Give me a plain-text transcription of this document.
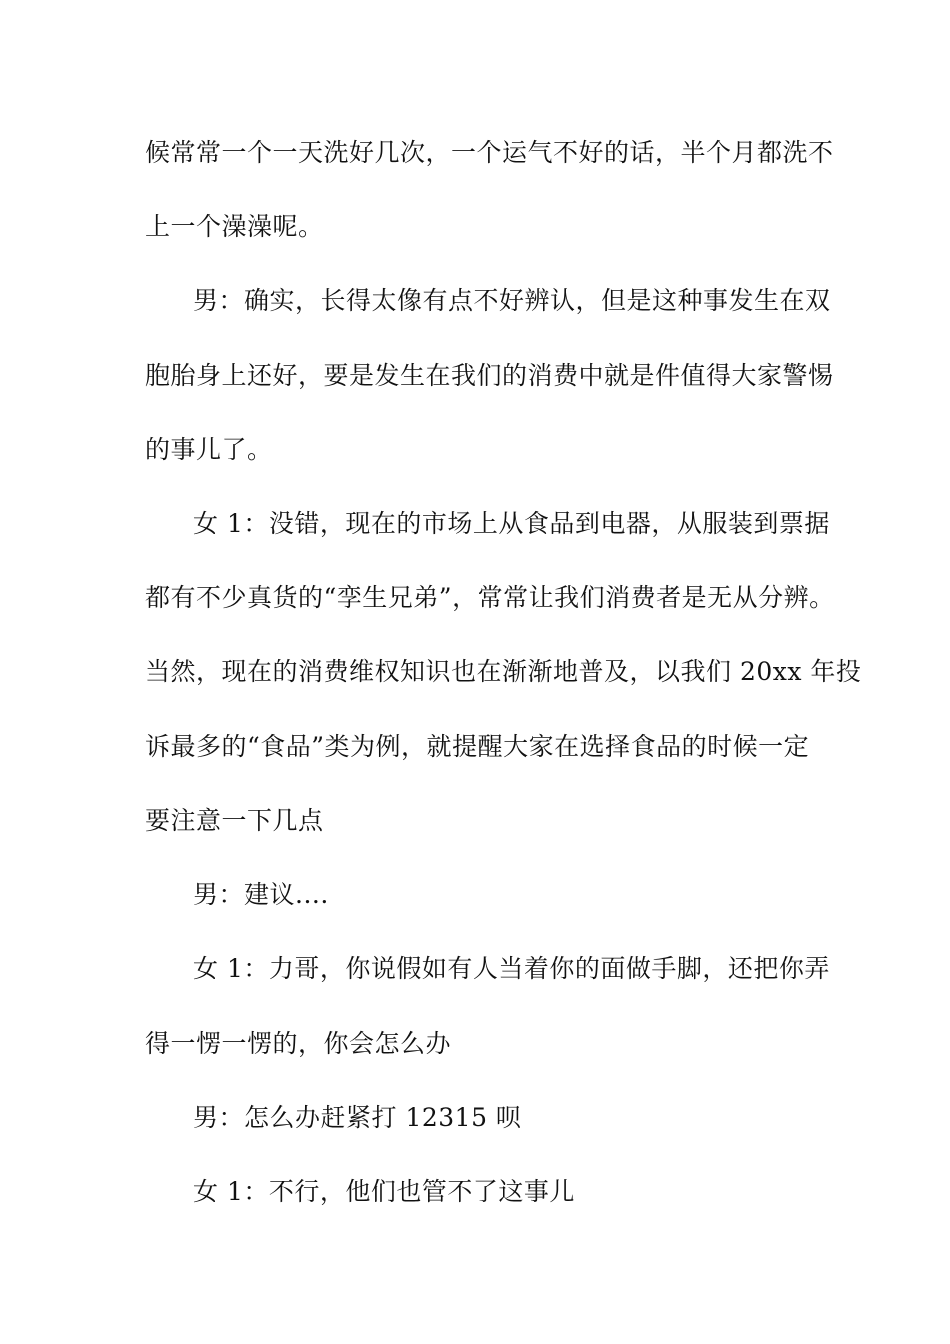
候常常一个一天洗好几次，一个运气不好的话，半个月都洗不
上一个澡澡呢。
男：确实，长得太像有点不好辨认，但是这种事发生在双
胞胎身上还好，要是发生在我们的消费中就是件值得大家警惕
的事儿了。
女 1：没错，现在的市场上从食品到电器，从服装到票据
都有不少真货的“孪生兄弟”，常常让我们消费者是无从分辨。
当然，现在的消费维权知识也在渐渐地普及，以我们 20xx 年投
诉最多的“食品”类为例，就提醒大家在选择食品的时候一定
要注意一下几点
男：建议....
女 1：力哥，你说假如有人当着你的面做手脚，还把你弄
得一愣一愣的，你会怎么办
男：怎么办赶紧打 12315 呗
女 1：不行，他们也管不了这事儿
